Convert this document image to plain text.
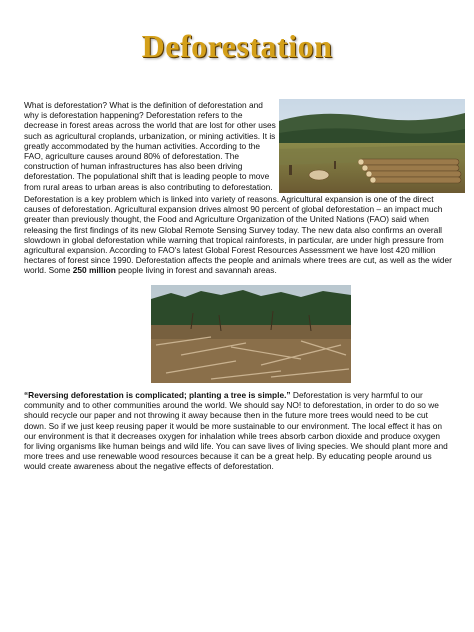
Deforestation

What is deforestation? What is the definition of deforestation and why is deforestation happening? Deforestation refers to the decrease in forest areas across the world that are lost for other uses such as agricultural croplands, urbanization, or mining activities. It is greatly accommodated by the human activities. According to the FAO, agriculture causes around 80% of deforestation. The construction of human infrastructures has also been driving deforestation. The populational shift that is leading people to move from rural areas to urban areas is also contributing to deforestation.

Deforestation is a key problem which is linked into variety of reasons. Agricultural expansion is one of the direct causes of deforestation. Agricultural expansion drives almost 90 percent of global deforestation – an impact much greater than previously thought, the Food and Agriculture Organization of the United Nations (FAO) said when releasing the first findings of its new Global Remote Sensing Survey today. The new data also confirms an overall slowdown in global deforestation while warning that tropical rainforests, in particular, are under high pressure from agricultural expansion. According to FAO's latest Global Forest Resources Assessment we have lost 420 million hectares of forest since 1990. Deforestation affects the people and animals where trees are cut, as well as the wider world. Some 250 million people living in forest and savannah areas.

“Reversing deforestation is complicated; planting a tree is simple.” Deforestation is very harmful to our community and to other communities around the world. We should say NO! to deforestation, in order to do so we should recycle our paper and not throwing it away because then in the future more trees would need to be cut down. So if we just keep reusing paper it would be more sustainable to our environment. The local effect it has on our environment is that it decreases oxygen for inhalation while trees absorb carbon dioxide and produce oxygen for living organisms like human beings and wild life. You can save lives of living species. We should plant more and more trees and use renewable wood resources because it can be a great help. By educating people around us would create awareness about the negative effects of deforestation.
